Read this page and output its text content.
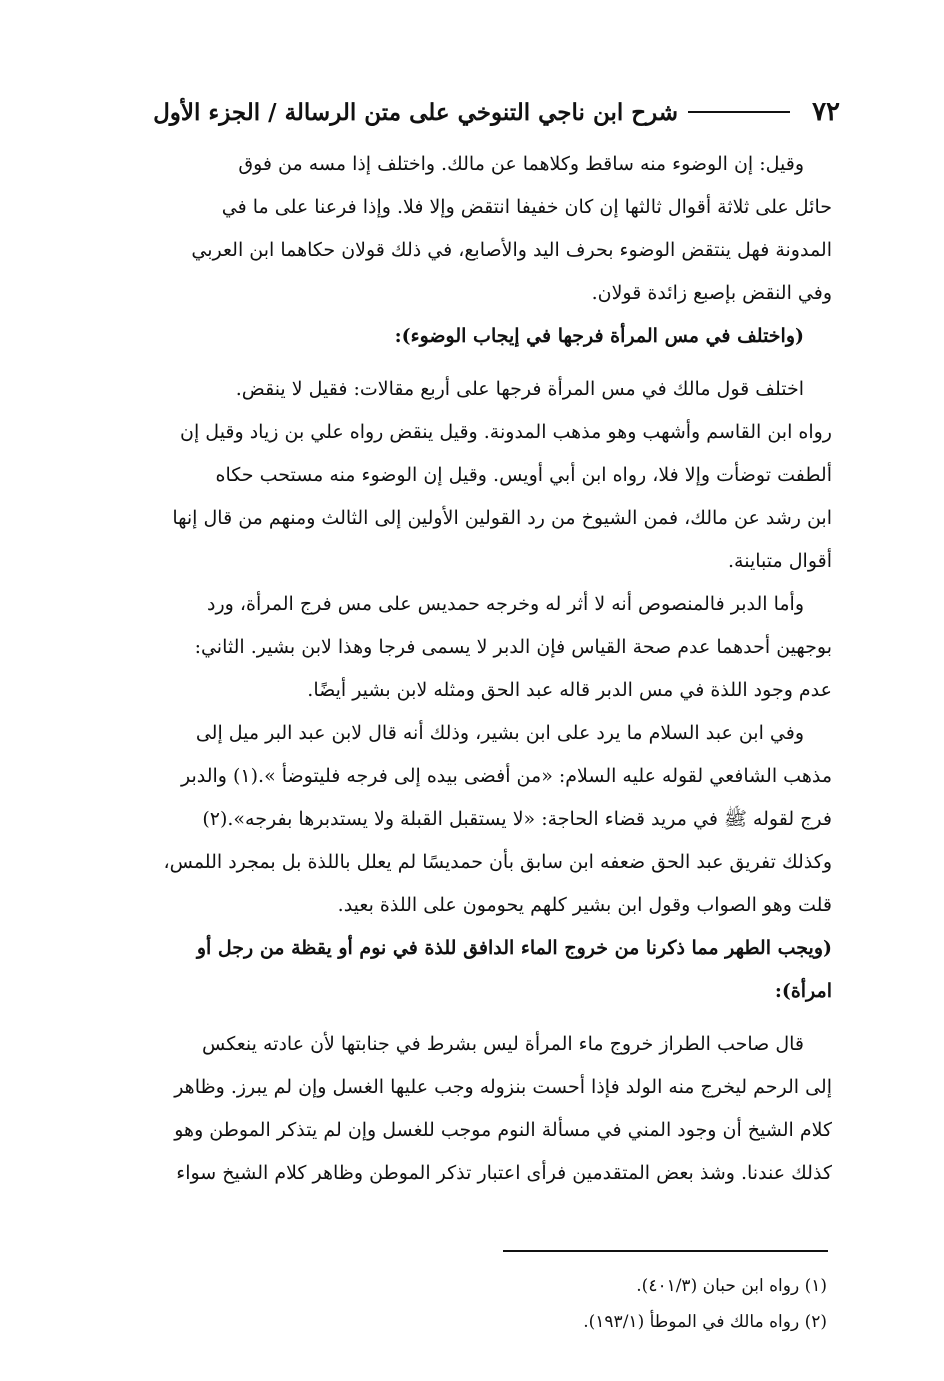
٧٢
شرح ابن ناجي التنوخي على متن الرسالة / الجزء الأول
وقيل: إن الوضوء منه ساقط وكلاهما عن مالك. واختلف إذا مسه من فوق
حائل على ثلاثة أقوال ثالثها إن كان خفيفا انتقض وإلا فلا. وإذا فرعنا على ما في
المدونة فهل ينتقض الوضوء بحرف اليد والأصابع، في ذلك قولان حكاهما ابن العربي
وفي النقض بإصبع زائدة قولان.
(واختلف في مس المرأة فرجها في إيجاب الوضوء):
اختلف قول مالك في مس المرأة فرجها على أربع مقالات: فقيل لا ينقض.
رواه ابن القاسم وأشهب وهو مذهب المدونة. وقيل ينقض رواه علي بن زياد وقيل إن
ألطفت توضأت وإلا فلا، رواه ابن أبي أويس. وقيل إن الوضوء منه مستحب حكاه
ابن رشد عن مالك، فمن الشيوخ من رد القولين الأولين إلى الثالث ومنهم من قال إنها
أقوال متباينة.
وأما الدبر فالمنصوص أنه لا أثر له وخرجه حمديس على مس فرج المرأة، ورد
بوجهين أحدهما عدم صحة القياس فإن الدبر لا يسمى فرجا وهذا لابن بشير. الثاني:
عدم وجود اللذة في مس الدبر قاله عبد الحق ومثله لابن بشير أيضًا.
وفي ابن عبد السلام ما يرد على ابن بشير، وذلك أنه قال لابن عبد البر ميل إلى
مذهب الشافعي لقوله عليه السلام: «من أفضى بيده إلى فرجه فليتوضأ ».(١) والدبر
فرج لقوله ﷺ في مريد قضاء الحاجة: «لا يستقبل القبلة ولا يستدبرها بفرجه».(٢)
وكذلك تفريق عبد الحق ضعفه ابن سابق بأن حمديسًا لم يعلل باللذة بل بمجرد اللمس،
قلت وهو الصواب وقول ابن بشير كلهم يحومون على اللذة بعيد.
(ويجب الطهر مما ذكرنا من خروج الماء الدافق للذة في نوم أو يقظة من رجل أو
امرأة):
قال صاحب الطراز خروج ماء المرأة ليس بشرط في جنابتها لأن عادته ينعكس
إلى الرحم ليخرج منه الولد فإذا أحست بنزوله وجب عليها الغسل وإن لم يبرز. وظاهر
كلام الشيخ أن وجود المني في مسألة النوم موجب للغسل وإن لم يتذكر الموطن وهو
كذلك عندنا. وشذ بعض المتقدمين فرأى اعتبار تذكر الموطن وظاهر كلام الشيخ سواء
(١) رواه ابن حبان (٤٠١/٣).
(٢) رواه مالك في الموطأ (١٩٣/١).
